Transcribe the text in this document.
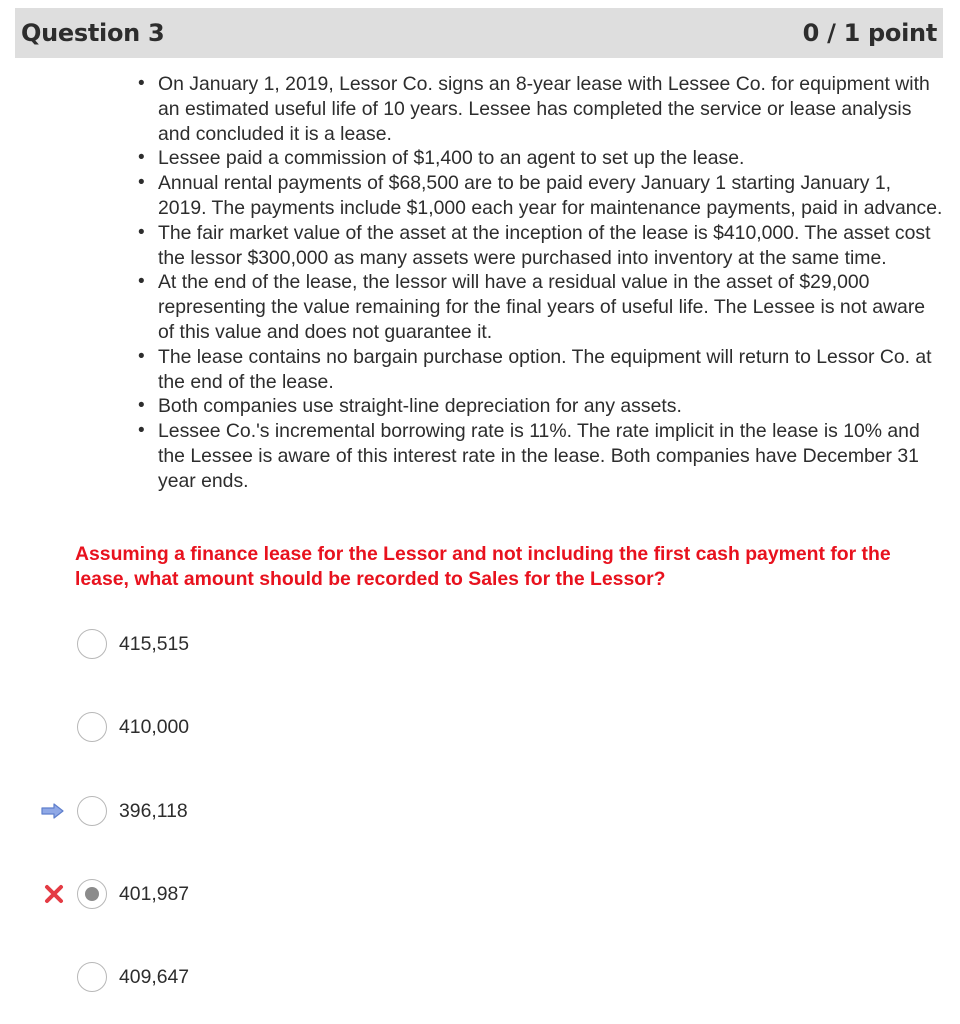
Question 3	0 / 1 point
• On January 1, 2019, Lessor Co. signs an 8-year lease with Lessee Co. for equipment with an estimated useful life of 10 years. Lessee has completed the service or lease analysis and concluded it is a lease.
• Lessee paid a commission of $1,400 to an agent to set up the lease.
• Annual rental payments of $68,500 are to be paid every January 1 starting January 1, 2019. The payments include $1,000 each year for maintenance payments, paid in advance.
• The fair market value of the asset at the inception of the lease is $410,000. The asset cost the lessor $300,000 as many assets were purchased into inventory at the same time.
• At the end of the lease, the lessor will have a residual value in the asset of $29,000 representing the value remaining for the final years of useful life. The Lessee is not aware of this value and does not guarantee it.
• The lease contains no bargain purchase option. The equipment will return to Lessor Co. at the end of the lease.
• Both companies use straight-line depreciation for any assets.
• Lessee Co.'s incremental borrowing rate is 11%. The rate implicit in the lease is 10% and the Lessee is aware of this interest rate in the lease. Both companies have December 31 year ends.
Assuming a finance lease for the Lessor and not including the first cash payment for the lease, what amount should be recorded to Sales for the Lessor?
415,515
410,000
396,118
401,987
409,647
